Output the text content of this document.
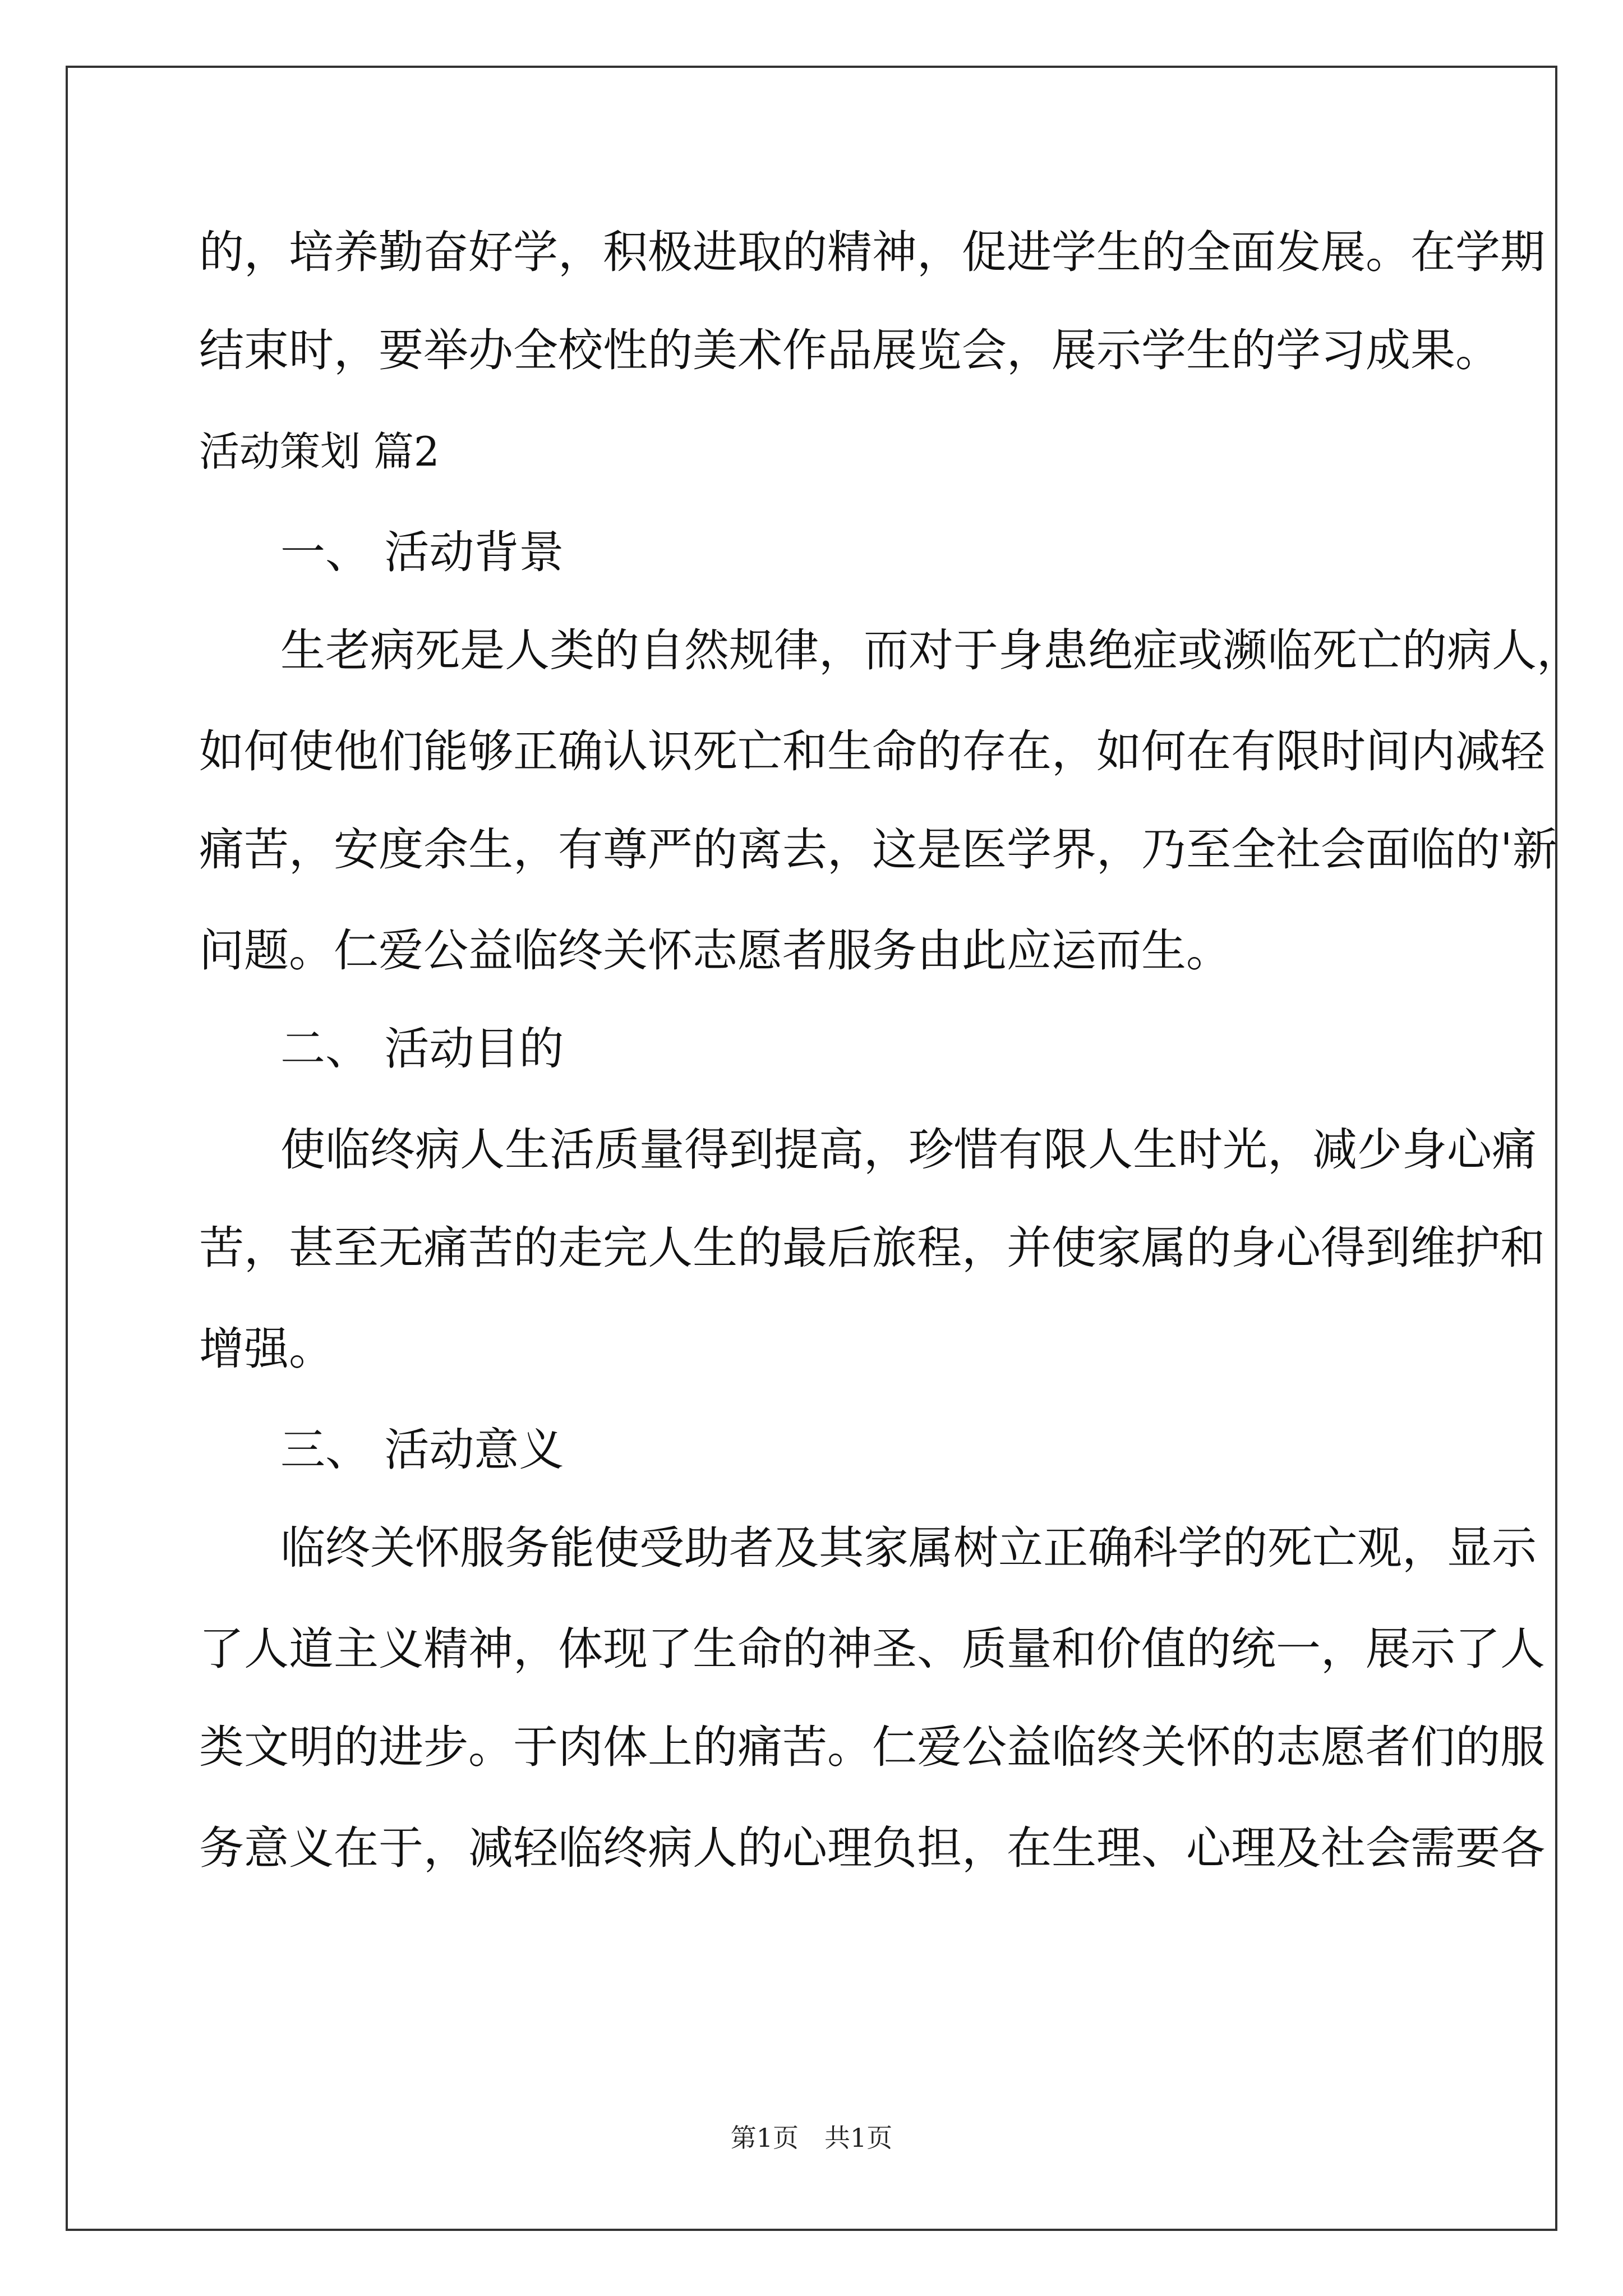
的，培养勤奋好学，积极进取的精神，促进学生的全面发展。在学期
结束时，要举办全校性的美术作品展览会，展示学生的学习成果。
活动策划 篇2
一、 活动背景
生老病死是人类的自然规律，而对于身患绝症或濒临死亡的病人，
如何使他们能够正确认识死亡和生命的存在，如何在有限时间内减轻
痛苦，安度余生，有尊严的离去，这是医学界，乃至全社会面临的'新
问题。仁爱公益临终关怀志愿者服务由此应运而生。
二、 活动目的
使临终病人生活质量得到提高，珍惜有限人生时光，减少身心痛
苦，甚至无痛苦的走完人生的最后旅程，并使家属的身心得到维护和
增强。
三、 活动意义
临终关怀服务能使受助者及其家属树立正确科学的死亡观，显示
了人道主义精神，体现了生命的神圣、质量和价值的统一，展示了人
类文明的进步。于肉体上的痛苦。仁爱公益临终关怀的志愿者们的服
务意义在于，减轻临终病人的心理负担，在生理、心理及社会需要各
第1页　共1页
